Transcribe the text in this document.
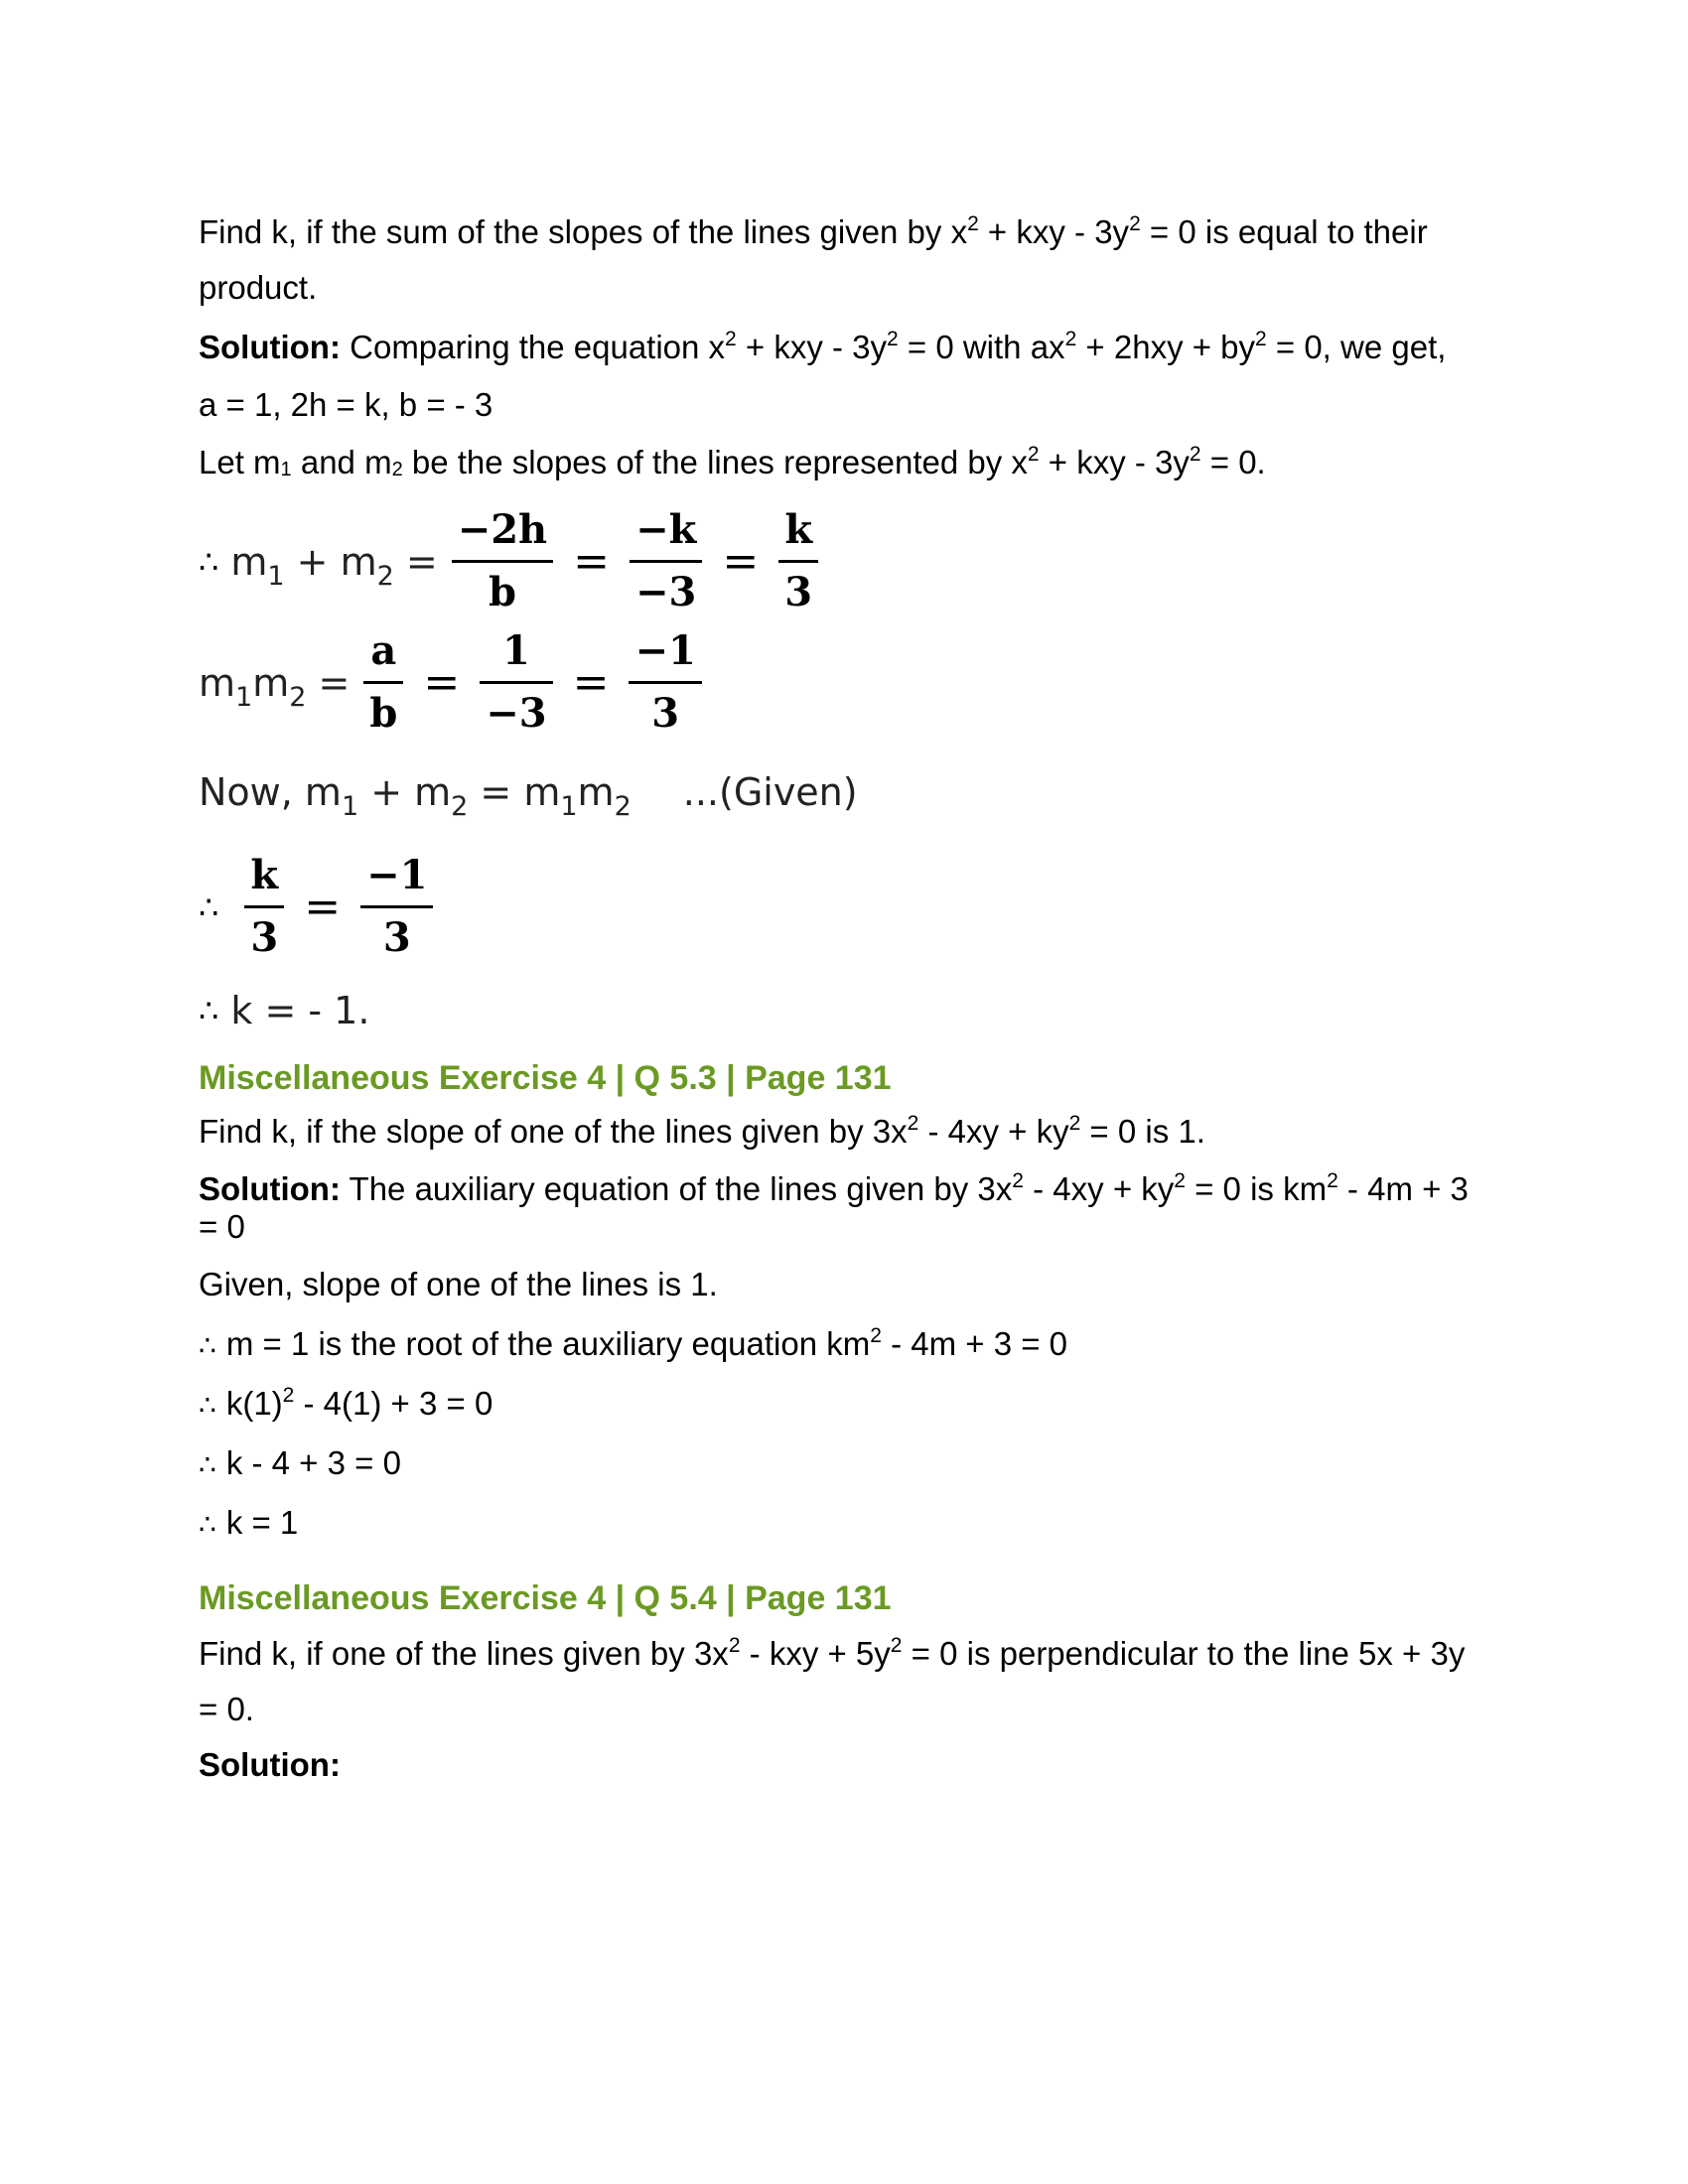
Find k, if the sum of the slopes of the lines given by $x^2$ + kxy - $3y^2 = 0$ is equal to their
product.
Solution: Comparing the equation $x^2$ + kxy - $3y^2 = 0$ with $ax^2 + 2hxy + by^2 = 0$, we get,
a = 1, 2h = k, b = - 3
Let m1 and m2 be the slopes of the lines represented by $x^2$ + kxy - $3y^2 = 0$.
∴ $m_1 + m_2 = \frac{-2h}{b} = \frac{-k}{-3} = \frac{k}{3}$
$m_1m_2 = \frac{a}{b} = \frac{1}{-3} = \frac{-1}{3}$
Now, $m_1 + m_2 = m_1m_2$ ...(Given)
∴ $\frac{k}{3} = \frac{-1}{3}$
∴ k = - 1.
Miscellaneous Exercise 4 | Q 5.3 | Page 131
Find k, if the slope of one of the lines given by $3x^2 - 4xy + ky^2 = 0$ is 1.
Solution: The auxiliary equation of the lines given by $3x^2 - 4xy + ky^2 = 0$ is $km^2 - 4m + 3$
= 0
Given, slope of one of the lines is 1.
∴ m = 1 is the root of the auxiliary equation $km^2 - 4m + 3 = 0$
∴ $k(1)^2 - 4(1) + 3 = 0$
∴ k - 4 + 3 = 0
∴ k = 1
Miscellaneous Exercise 4 | Q 5.4 | Page 131
Find k, if one of the lines given by $3x^2$ - kxy + $5y^2 = 0$ is perpendicular to the line 5x + 3y
= 0.
Solution:
